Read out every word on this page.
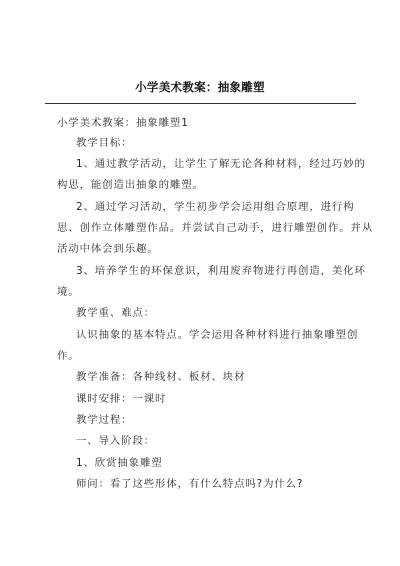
小学美术教案：抽象雕塑
小学美术教案：抽象雕塑1
教学目标：
1、通过教学活动，让学生了解无论各种材料，经过巧妙的
构思，能创造出抽象的雕塑。
2、通过学习活动，学生初步学会运用组合原理，进行构
思、创作立体雕塑作品。并尝试自己动手，进行雕塑创作。并从
活动中体会到乐趣。
3、培养学生的环保意识，利用废弃物进行再创造，美化环
境。
教学重、难点：
认识抽象的基本特点。学会运用各种材料进行抽象雕塑创
作。
教学准备：各种线材、板材、块材
课时安排：一课时
教学过程：
一、导入阶段：
1、欣赏抽象雕塑
师问：看了这些形体，有什么特点吗?为什么?
